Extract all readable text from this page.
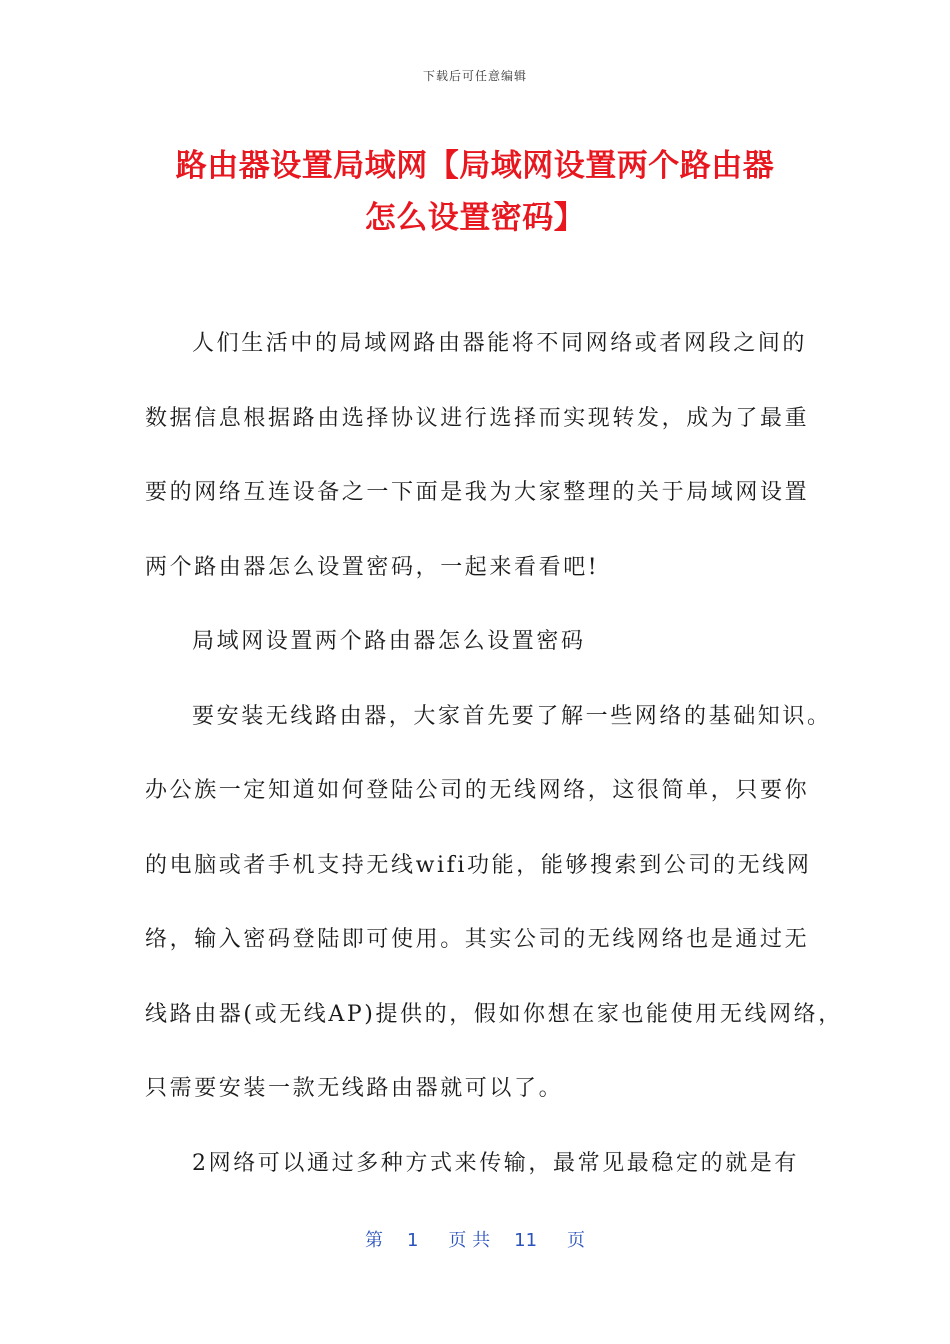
下载后可任意编辑
路由器设置局域网【局域网设置两个路由器
怎么设置密码】
人们生活中的局域网路由器能将不同网络或者网段之间的
数据信息根据路由选择协议进行选择而实现转发，成为了最重
要的网络互连设备之一下面是我为大家整理的关于局域网设置
两个路由器怎么设置密码，一起来看看吧!
局域网设置两个路由器怎么设置密码
要安装无线路由器，大家首先要了解一些网络的基础知识。
办公族一定知道如何登陆公司的无线网络，这很简单，只要你
的电脑或者手机支持无线wifi功能，能够搜索到公司的无线网
络，输入密码登陆即可使用。其实公司的无线网络也是通过无
线路由器(或无线AP)提供的，假如你想在家也能使用无线网络，
只需要安装一款无线路由器就可以了。
2网络可以通过多种方式来传输，最常见最稳定的就是有
第 1 页 共 11 页
